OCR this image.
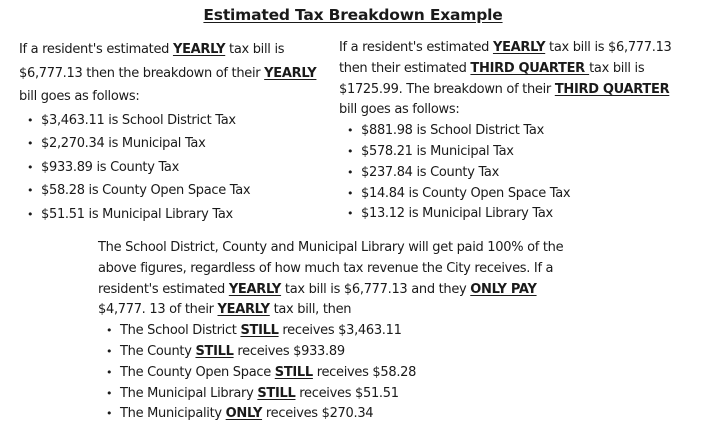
Estimated Tax Breakdown Example

If a resident's estimated YEARLY tax bill is $6,777.13 then the breakdown of their YEARLY bill goes as follows:

• $3,463.11 is School District Tax
• $2,270.34 is Municipal Tax
• $933.89 is County Tax
• $58.28 is County Open Space Tax
• $51.51 is Municipal Library Tax

If a resident's estimated YEARLY tax bill is $6,777.13 then their estimated THIRD QUARTER tax bill is $1725.99. The breakdown of their THIRD QUARTER bill goes as follows:

• $881.98 is School District Tax
• $578.21 is Municipal Tax
• $237.84 is County Tax
• $14.84 is County Open Space Tax
• $13.12 is Municipal Library Tax

The School District, County and Municipal Library will get paid 100% of the above figures, regardless of how much tax revenue the City receives. If a resident's estimated YEARLY tax bill is $6,777.13 and they ONLY PAY $4,777. 13 of their YEARLY tax bill, then

• The School District STILL receives $3,463.11
• The County STILL receives $933.89
• The County Open Space STILL receives $58.28
• The Municipal Library STILL receives $51.51
• The Municipality ONLY receives $270.34
